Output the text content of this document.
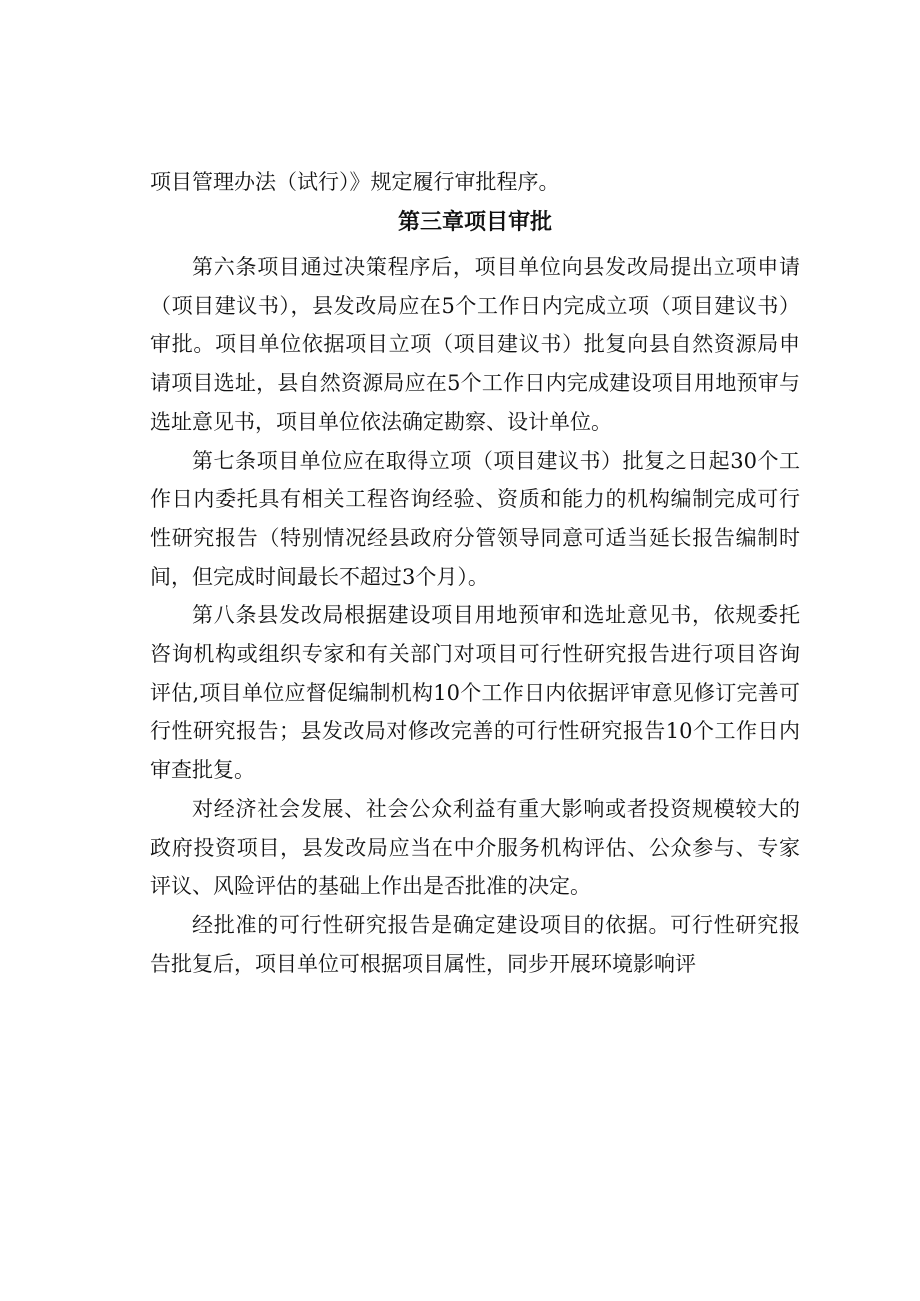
项目管理办法（试行）》规定履行审批程序。
第三章项目审批

第六条项目通过决策程序后，项目单位向县发改局提出立项申请（项目建议书），县发改局应在5个工作日内完成立项（项目建议书）审批。项目单位依据项目立项（项目建议书）批复向县自然资源局申请项目选址，县自然资源局应在5个工作日内完成建设项目用地预审与选址意见书，项目单位依法确定勘察、设计单位。

第七条项目单位应在取得立项（项目建议书）批复之日起30个工作日内委托具有相关工程咨询经验、资质和能力的机构编制完成可行性研究报告（特别情况经县政府分管领导同意可适当延长报告编制时间，但完成时间最长不超过3个月）。

第八条县发改局根据建设项目用地预审和选址意见书，依规委托咨询机构或组织专家和有关部门对项目可行性研究报告进行项目咨询评估,项目单位应督促编制机构10个工作日内依据评审意见修订完善可行性研究报告；县发改局对修改完善的可行性研究报告10个工作日内审查批复。

对经济社会发展、社会公众利益有重大影响或者投资规模较大的政府投资项目，县发改局应当在中介服务机构评估、公众参与、专家评议、风险评估的基础上作出是否批准的决定。

经批准的可行性研究报告是确定建设项目的依据。可行性研究报告批复后，项目单位可根据项目属性，同步开展环境影响评
